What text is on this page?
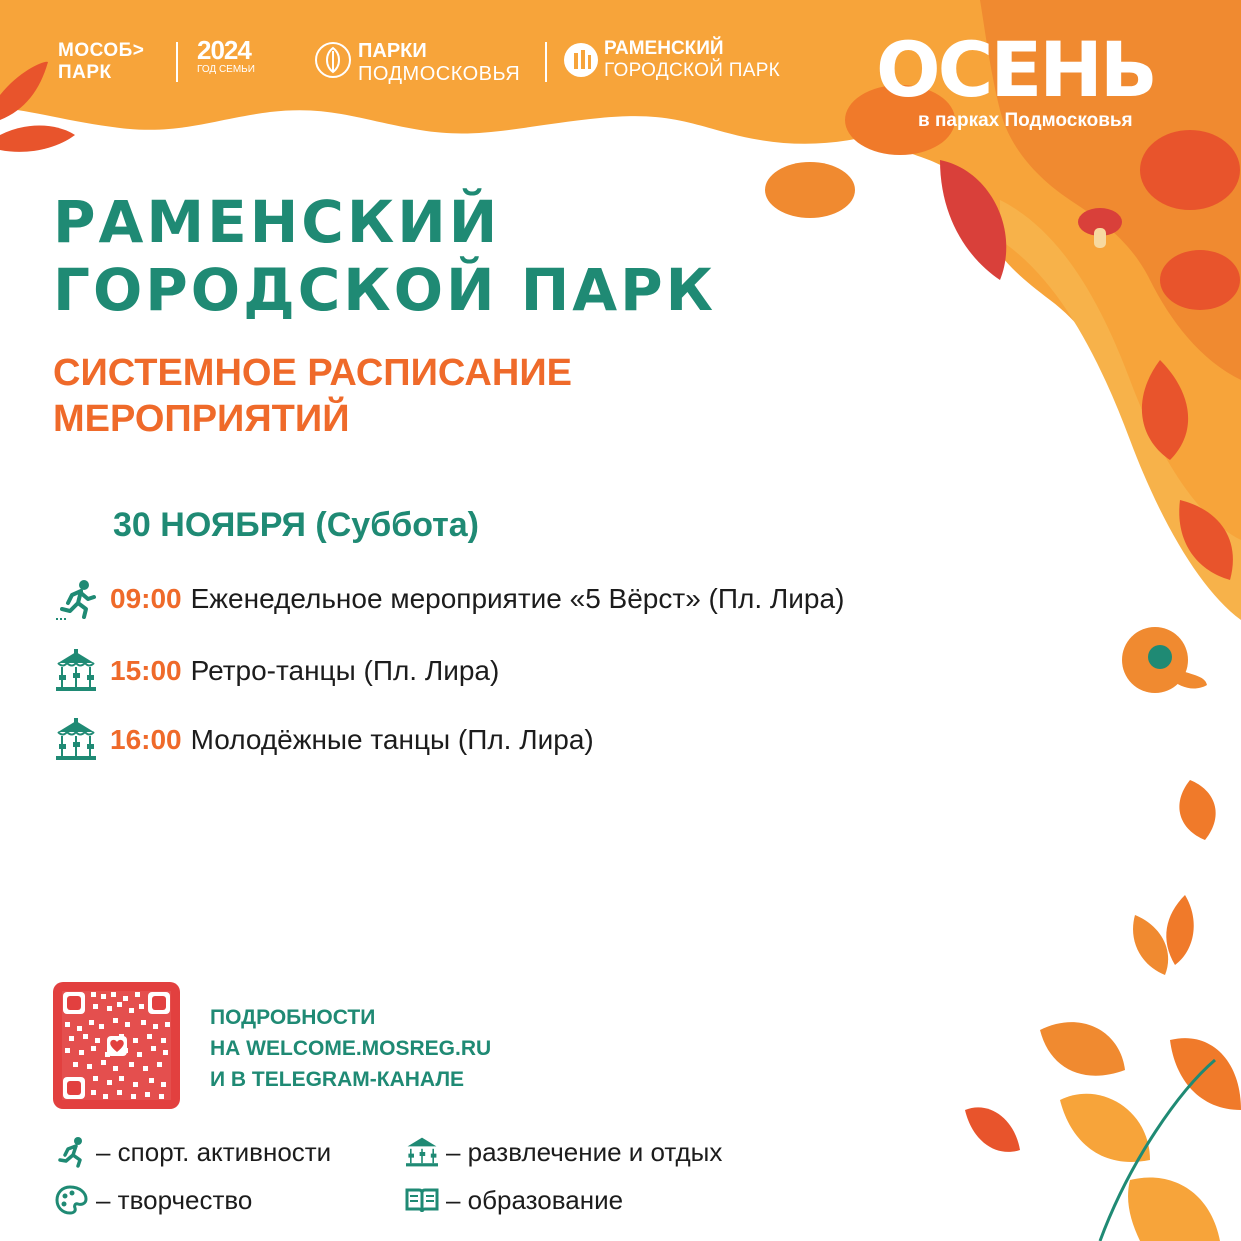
МОСОБ>
ПАРК
2024
ГОД СЕМЬИ
ПАРКИ
ПОДМОСКОВЬЯ
РАМЕНСКИЙ
ГОРОДСКОЙ ПАРК ОСЕНЬ
в парках Подмосковья
РАМЕНСКИЙ
ГОРОДСКОЙ ПАРК
СИСТЕМНОЕ РАСПИСАНИЕ
МЕРОПРИЯТИЙ
30 НОЯБРЯ (Суббота)
09:00 Еженедельное мероприятие «5 Вёрст» (Пл. Лира)
15:00 Ретро-танцы (Пл. Лира)
16:00 Молодёжные танцы (Пл. Лира)
ПОДРОБНОСТИ
НА WELCOME.MOSREG.RU
И В TELEGRAM-КАНАЛЕ
– спорт. активности	– развлечение и отдых
– творчество	– образование
